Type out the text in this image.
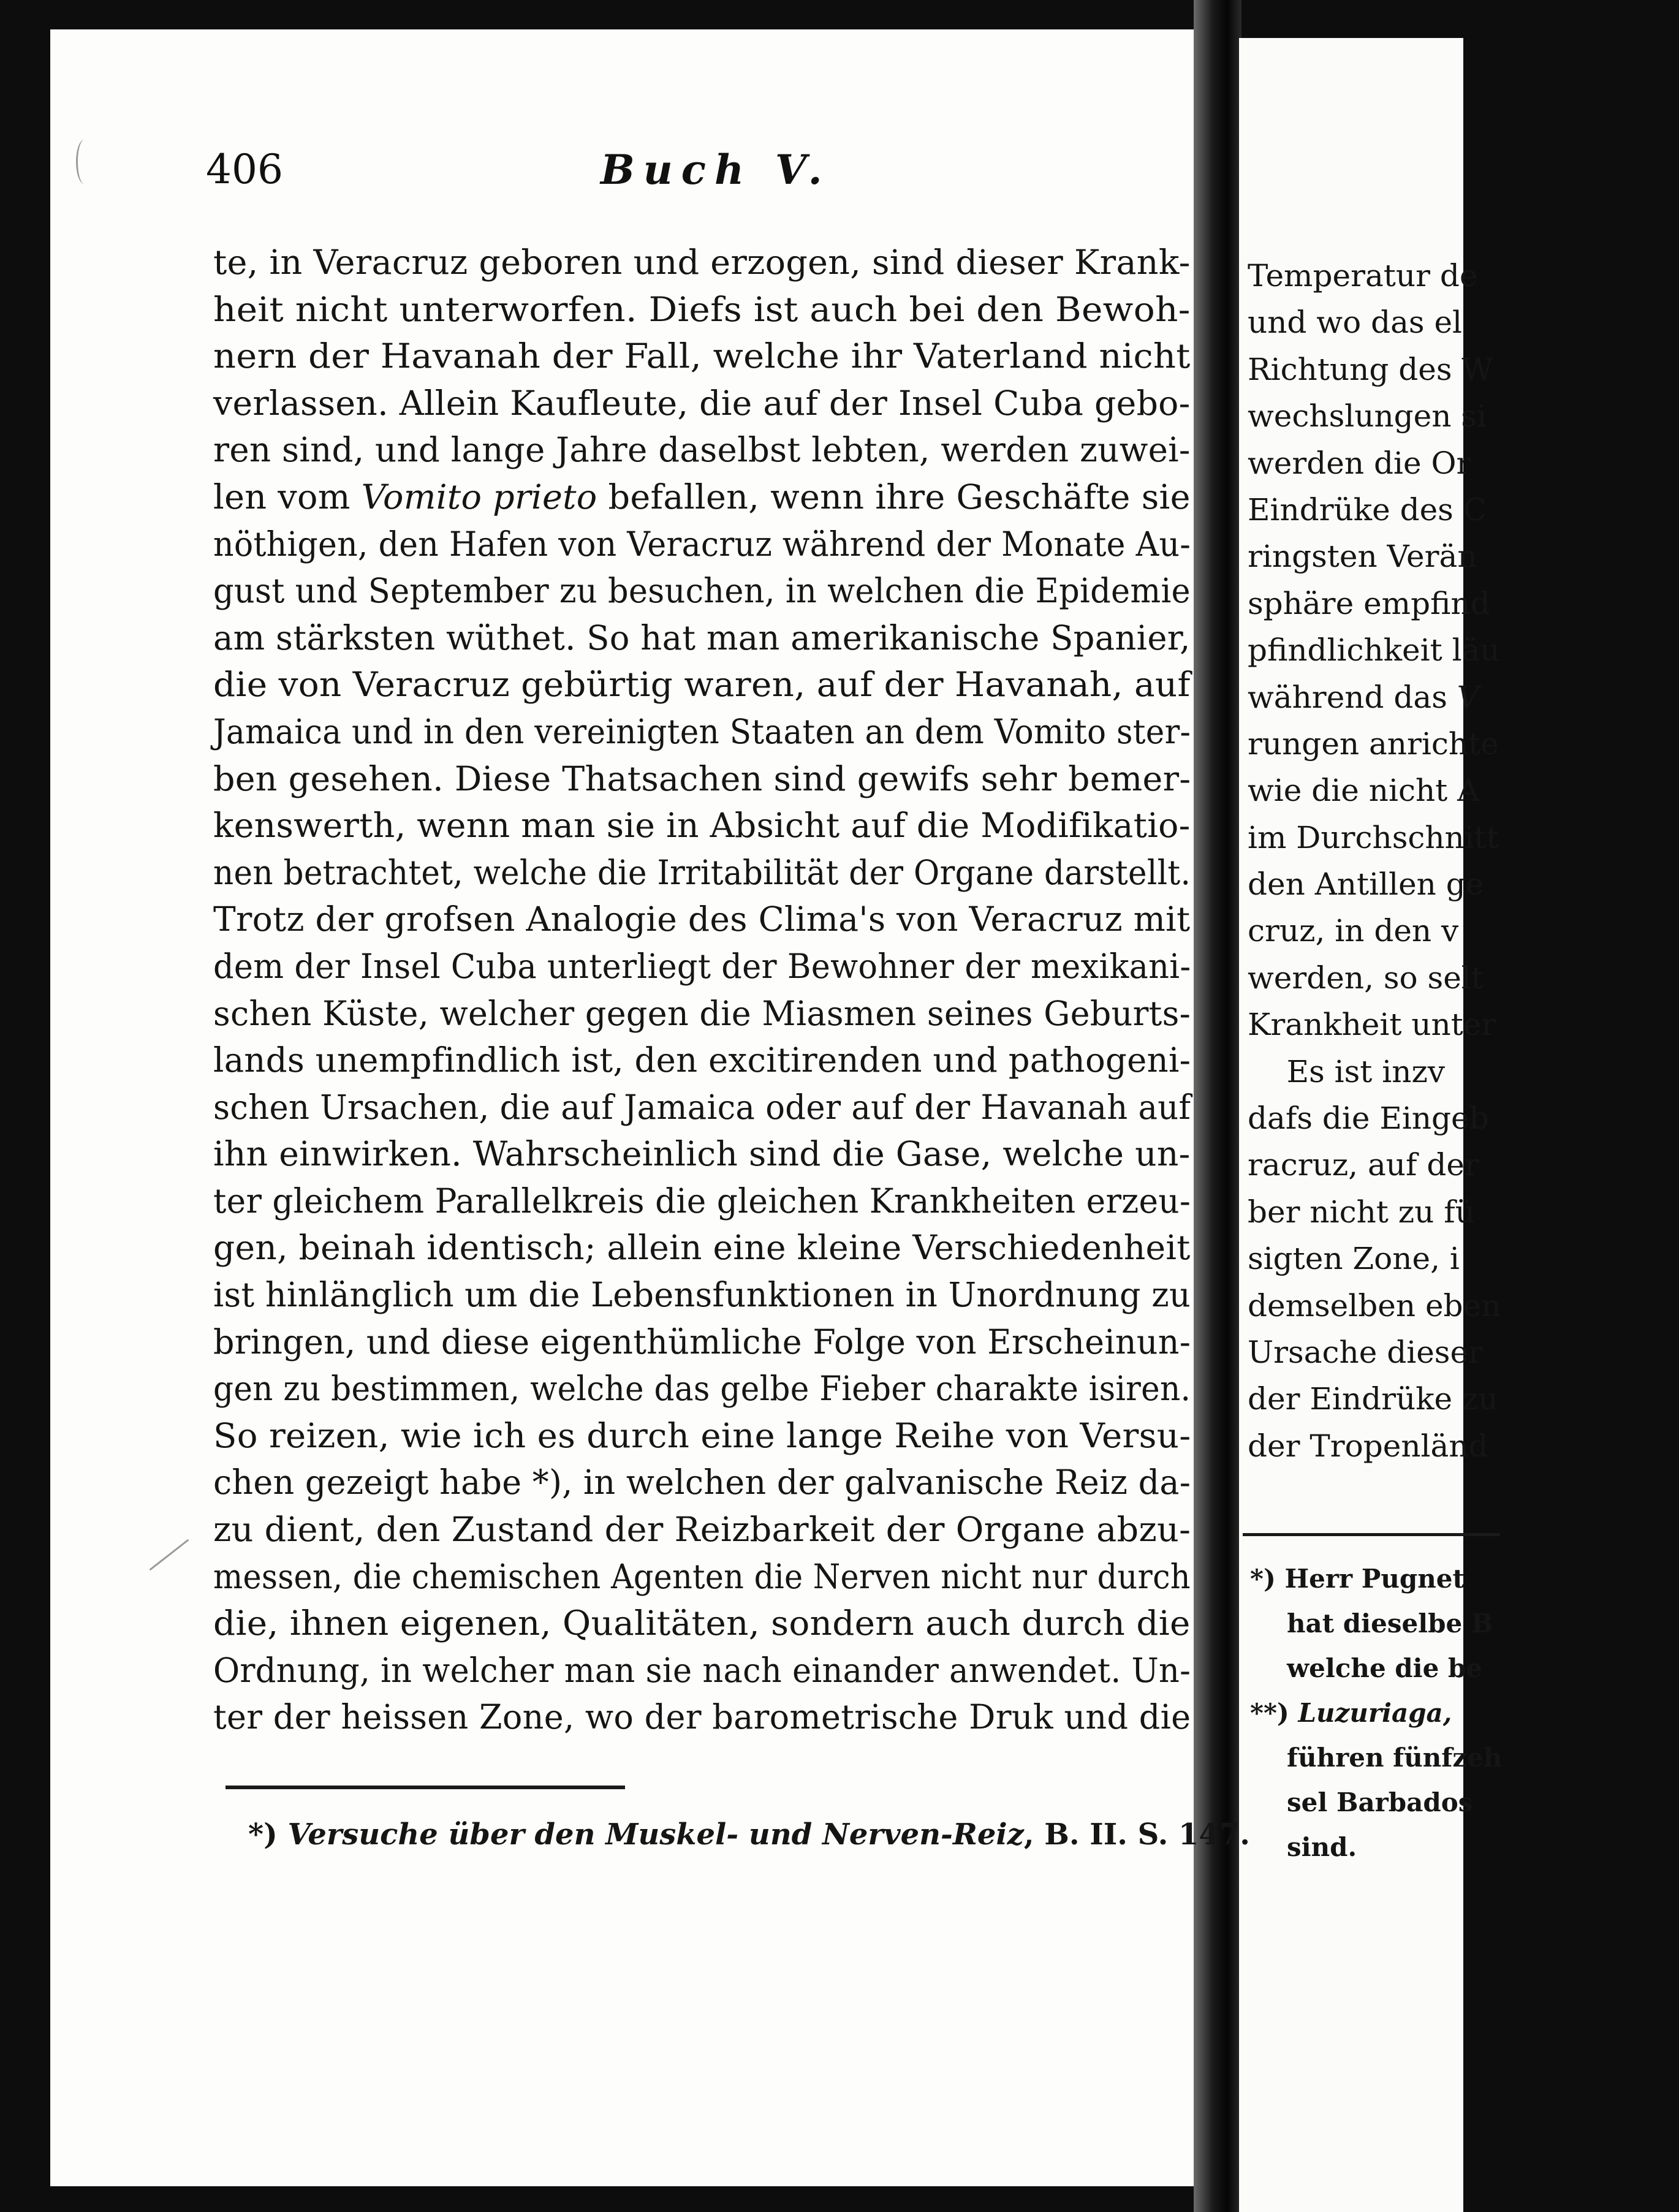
Temperatur de
und wo das el
Richtung des W
wechslungen si
werden die Or
Eindrüke des C
ringsten Verän
sphäre empfind
pfindlichkeit läu
während das V
rungen anrichte
wie die nicht A
im Durchschnitt
den Antillen ge
cruz, in den v
werden, so selt
Krankheit unter
Es ist inzv
dafs die Eingeb
racruz, auf der
ber nicht zu fü
sigten Zone, i
demselben eben
Ursache dieser
der Eindrüke zu
der Tropenländ
*) Herr Pugnet
hat dieselbe B
welche die be
**) Luzuriaga,
führen fünfzeh
sel Barbados
sind.
406	Buch V.
te, in Veracruz geboren und erzogen, sind dieser Krank-
heit nicht unterworfen. Diefs ist auch bei den Bewoh-
nern der Havanah der Fall, welche ihr Vaterland nicht
verlassen. Allein Kaufleute, die auf der Insel Cuba gebo-
ren sind, und lange Jahre daselbst lebten, werden zuwei-
len vom Vomito prieto befallen, wenn ihre Geschäfte sie
nöthigen, den Hafen von Veracruz während der Monate Au-
gust und September zu besuchen, in welchen die Epidemie
am stärksten wüthet. So hat man amerikanische Spanier,
die von Veracruz gebürtig waren, auf der Havanah, auf
Jamaica und in den vereinigten Staaten an dem Vomito ster-
ben gesehen. Diese Thatsachen sind gewifs sehr bemer-
kenswerth, wenn man sie in Absicht auf die Modifikatio-
nen betrachtet, welche die Irritabilität der Organe darstellt.
Trotz der grofsen Analogie des Clima's von Veracruz mit
dem der Insel Cuba unterliegt der Bewohner der mexikani-
schen Küste, welcher gegen die Miasmen seines Geburts-
lands unempfindlich ist, den excitirenden und pathogeni-
schen Ursachen, die auf Jamaica oder auf der Havanah auf
ihn einwirken. Wahrscheinlich sind die Gase, welche un-
ter gleichem Parallelkreis die gleichen Krankheiten erzeu-
gen, beinah identisch; allein eine kleine Verschiedenheit
ist hinlänglich um die Lebensfunktionen in Unordnung zu
bringen, und diese eigenthümliche Folge von Erscheinun-
gen zu bestimmen, welche das gelbe Fieber charakte isiren.
So reizen, wie ich es durch eine lange Reihe von Versu-
chen gezeigt habe *), in welchen der galvanische Reiz da-
zu dient, den Zustand der Reizbarkeit der Organe abzu-
messen, die chemischen Agenten die Nerven nicht nur durch
die, ihnen eigenen, Qualitäten, sondern auch durch die
Ordnung, in welcher man sie nach einander anwendet. Un-
ter der heissen Zone, wo der barometrische Druk und die
*) Versuche über den Muskel- und Nerven-Reiz, B. II. S. 147.
